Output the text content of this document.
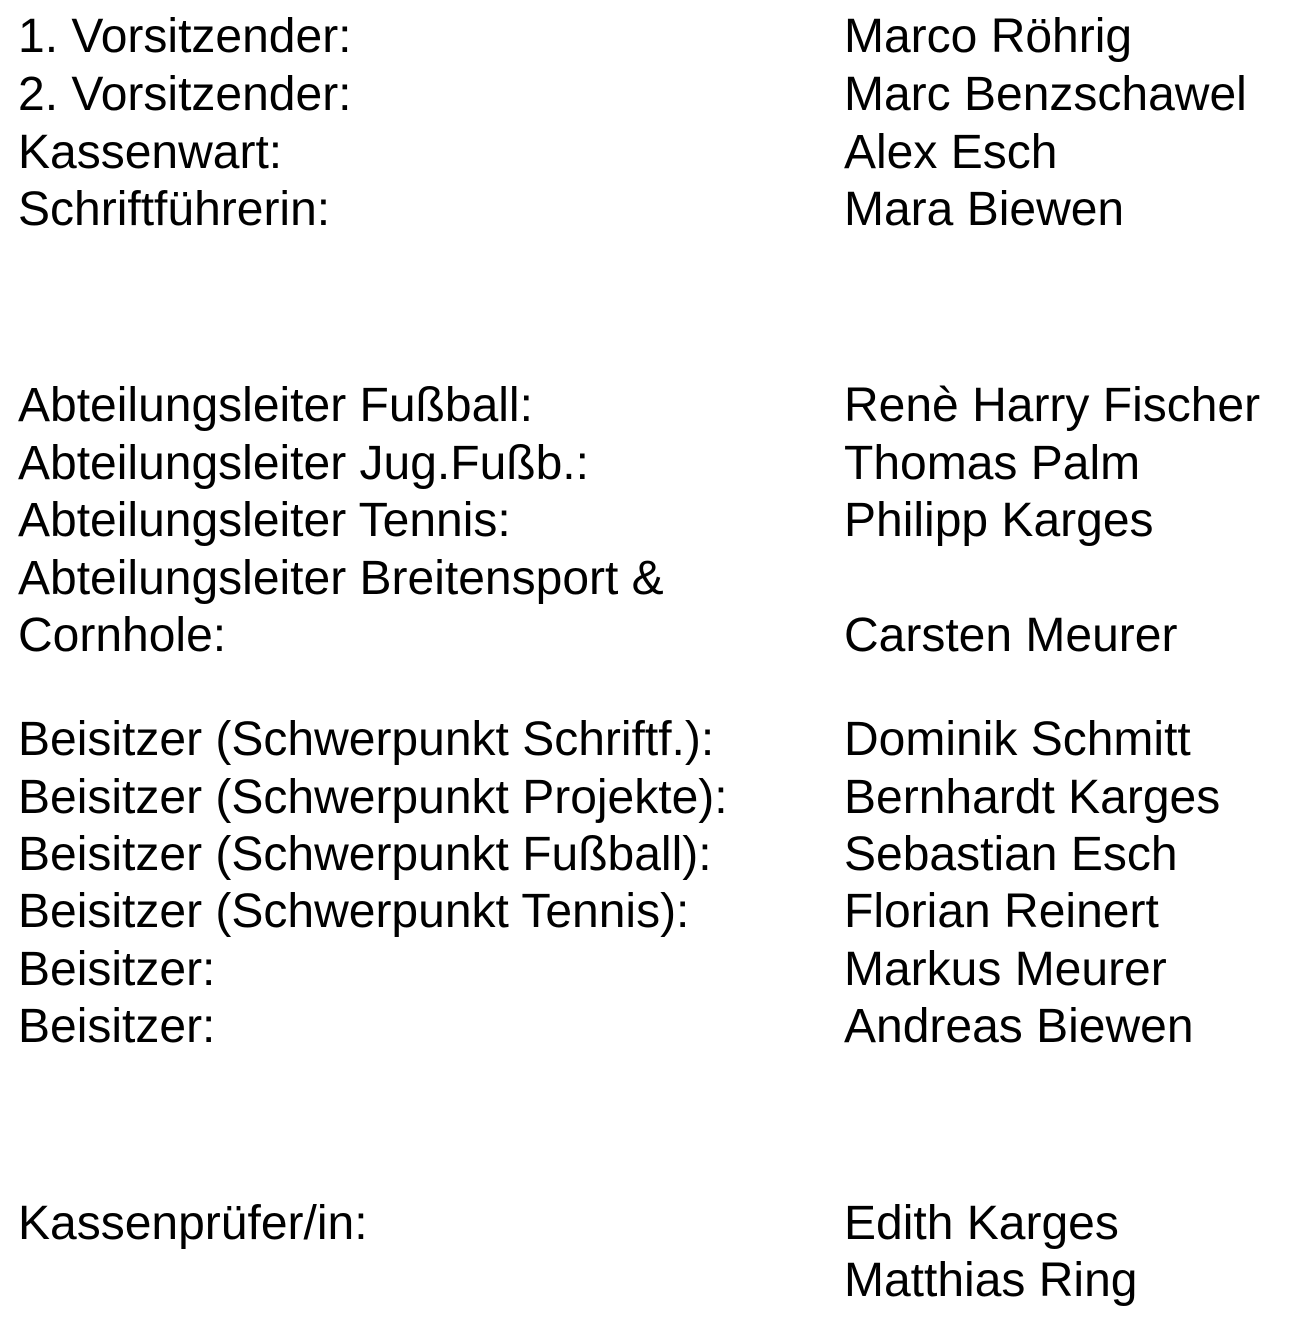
1. Vorsitzender:	Marco Röhrig
2. Vorsitzender:	Marc Benzschawel
Kassenwart:	Alex Esch
Schriftführerin:	Mara Biewen
Abteilungsleiter Fußball:	Renè Harry Fischer
Abteilungsleiter Jug.Fußb.:	Thomas Palm
Abteilungsleiter Tennis:	Philipp Karges
Abteilungsleiter Breitensport &
Cornhole:	Carsten Meurer
Beisitzer (Schwerpunkt Schriftf.):	Dominik Schmitt
Beisitzer (Schwerpunkt Projekte): Bernhardt Karges
Beisitzer (Schwerpunkt Fußball):	Sebastian Esch
Beisitzer (Schwerpunkt Tennis):	Florian Reinert
Beisitzer:	Markus Meurer
Beisitzer:	Andreas Biewen
Kassenprüfer/in:	Edith Karges
Matthias Ring
